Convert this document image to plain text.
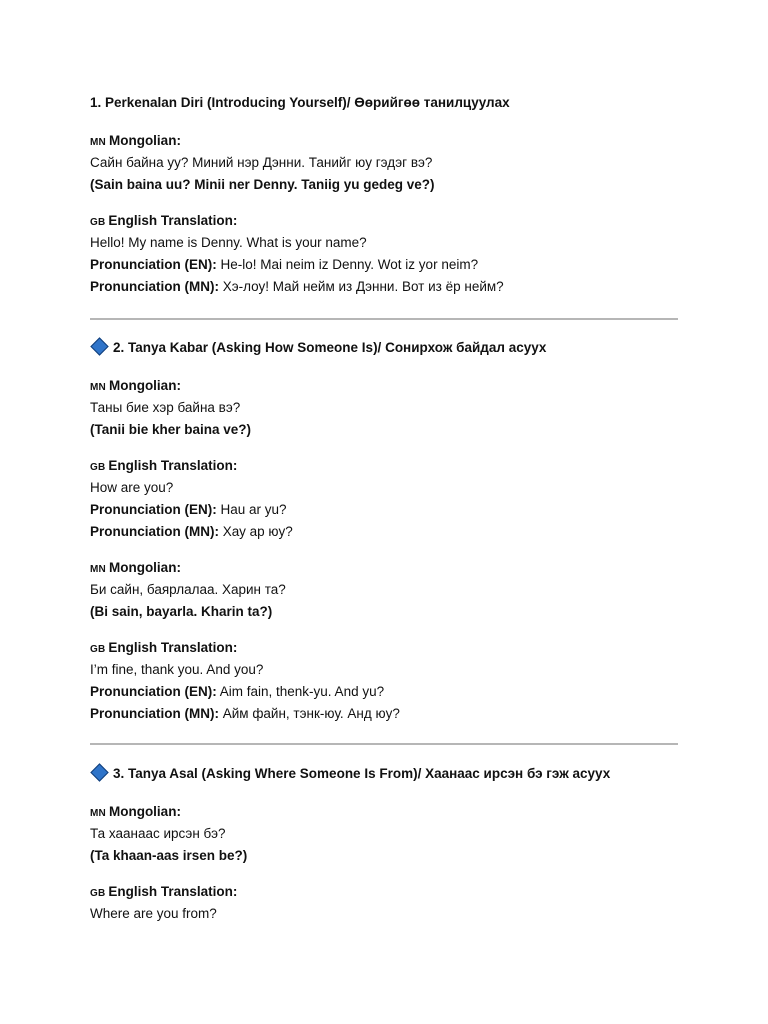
1. Perkenalan Diri (Introducing Yourself)/ Өөрийгөө танилцуулах

MN Mongolian:
Сайн байна уу? Миний нэр Дэнни. Танийг юу гэдэг вэ?
(Sain baina uu? Minii ner Denny. Taniig yu gedeg ve?)
GB English Translation:
Hello! My name is Denny. What is your name?
Pronunciation (EN): He-lo! Mai neim iz Denny. Wot iz yor neim?
Pronunciation (MN): Хэ-лоу! Май нейм из Дэнни. Вот из ёр нейм?

2. Tanya Kabar (Asking How Someone Is)/ Сонирхож байдал асуух

MN Mongolian:
Таны бие хэр байна вэ?
(Tanii bie kher baina ve?)
GB English Translation:
How are you?
Pronunciation (EN): Hau ar yu?
Pronunciation (MN): Хау ар юу?
MN Mongolian:
Би сайн, баярлалаа. Харин та?
(Bi sain, bayarla. Kharin ta?)
GB English Translation:
I’m fine, thank you. And you?
Pronunciation (EN): Aim fain, thenk-yu. And yu?
Pronunciation (MN): Айм файн, тэнк-юу. Анд юу?

3. Tanya Asal (Asking Where Someone Is From)/ Хаанаас ирсэн бэ гэж асуух

MN Mongolian:
Та хаанаас ирсэн бэ?
(Ta khaan-aas irsen be?)
GB English Translation:
Where are you from?
